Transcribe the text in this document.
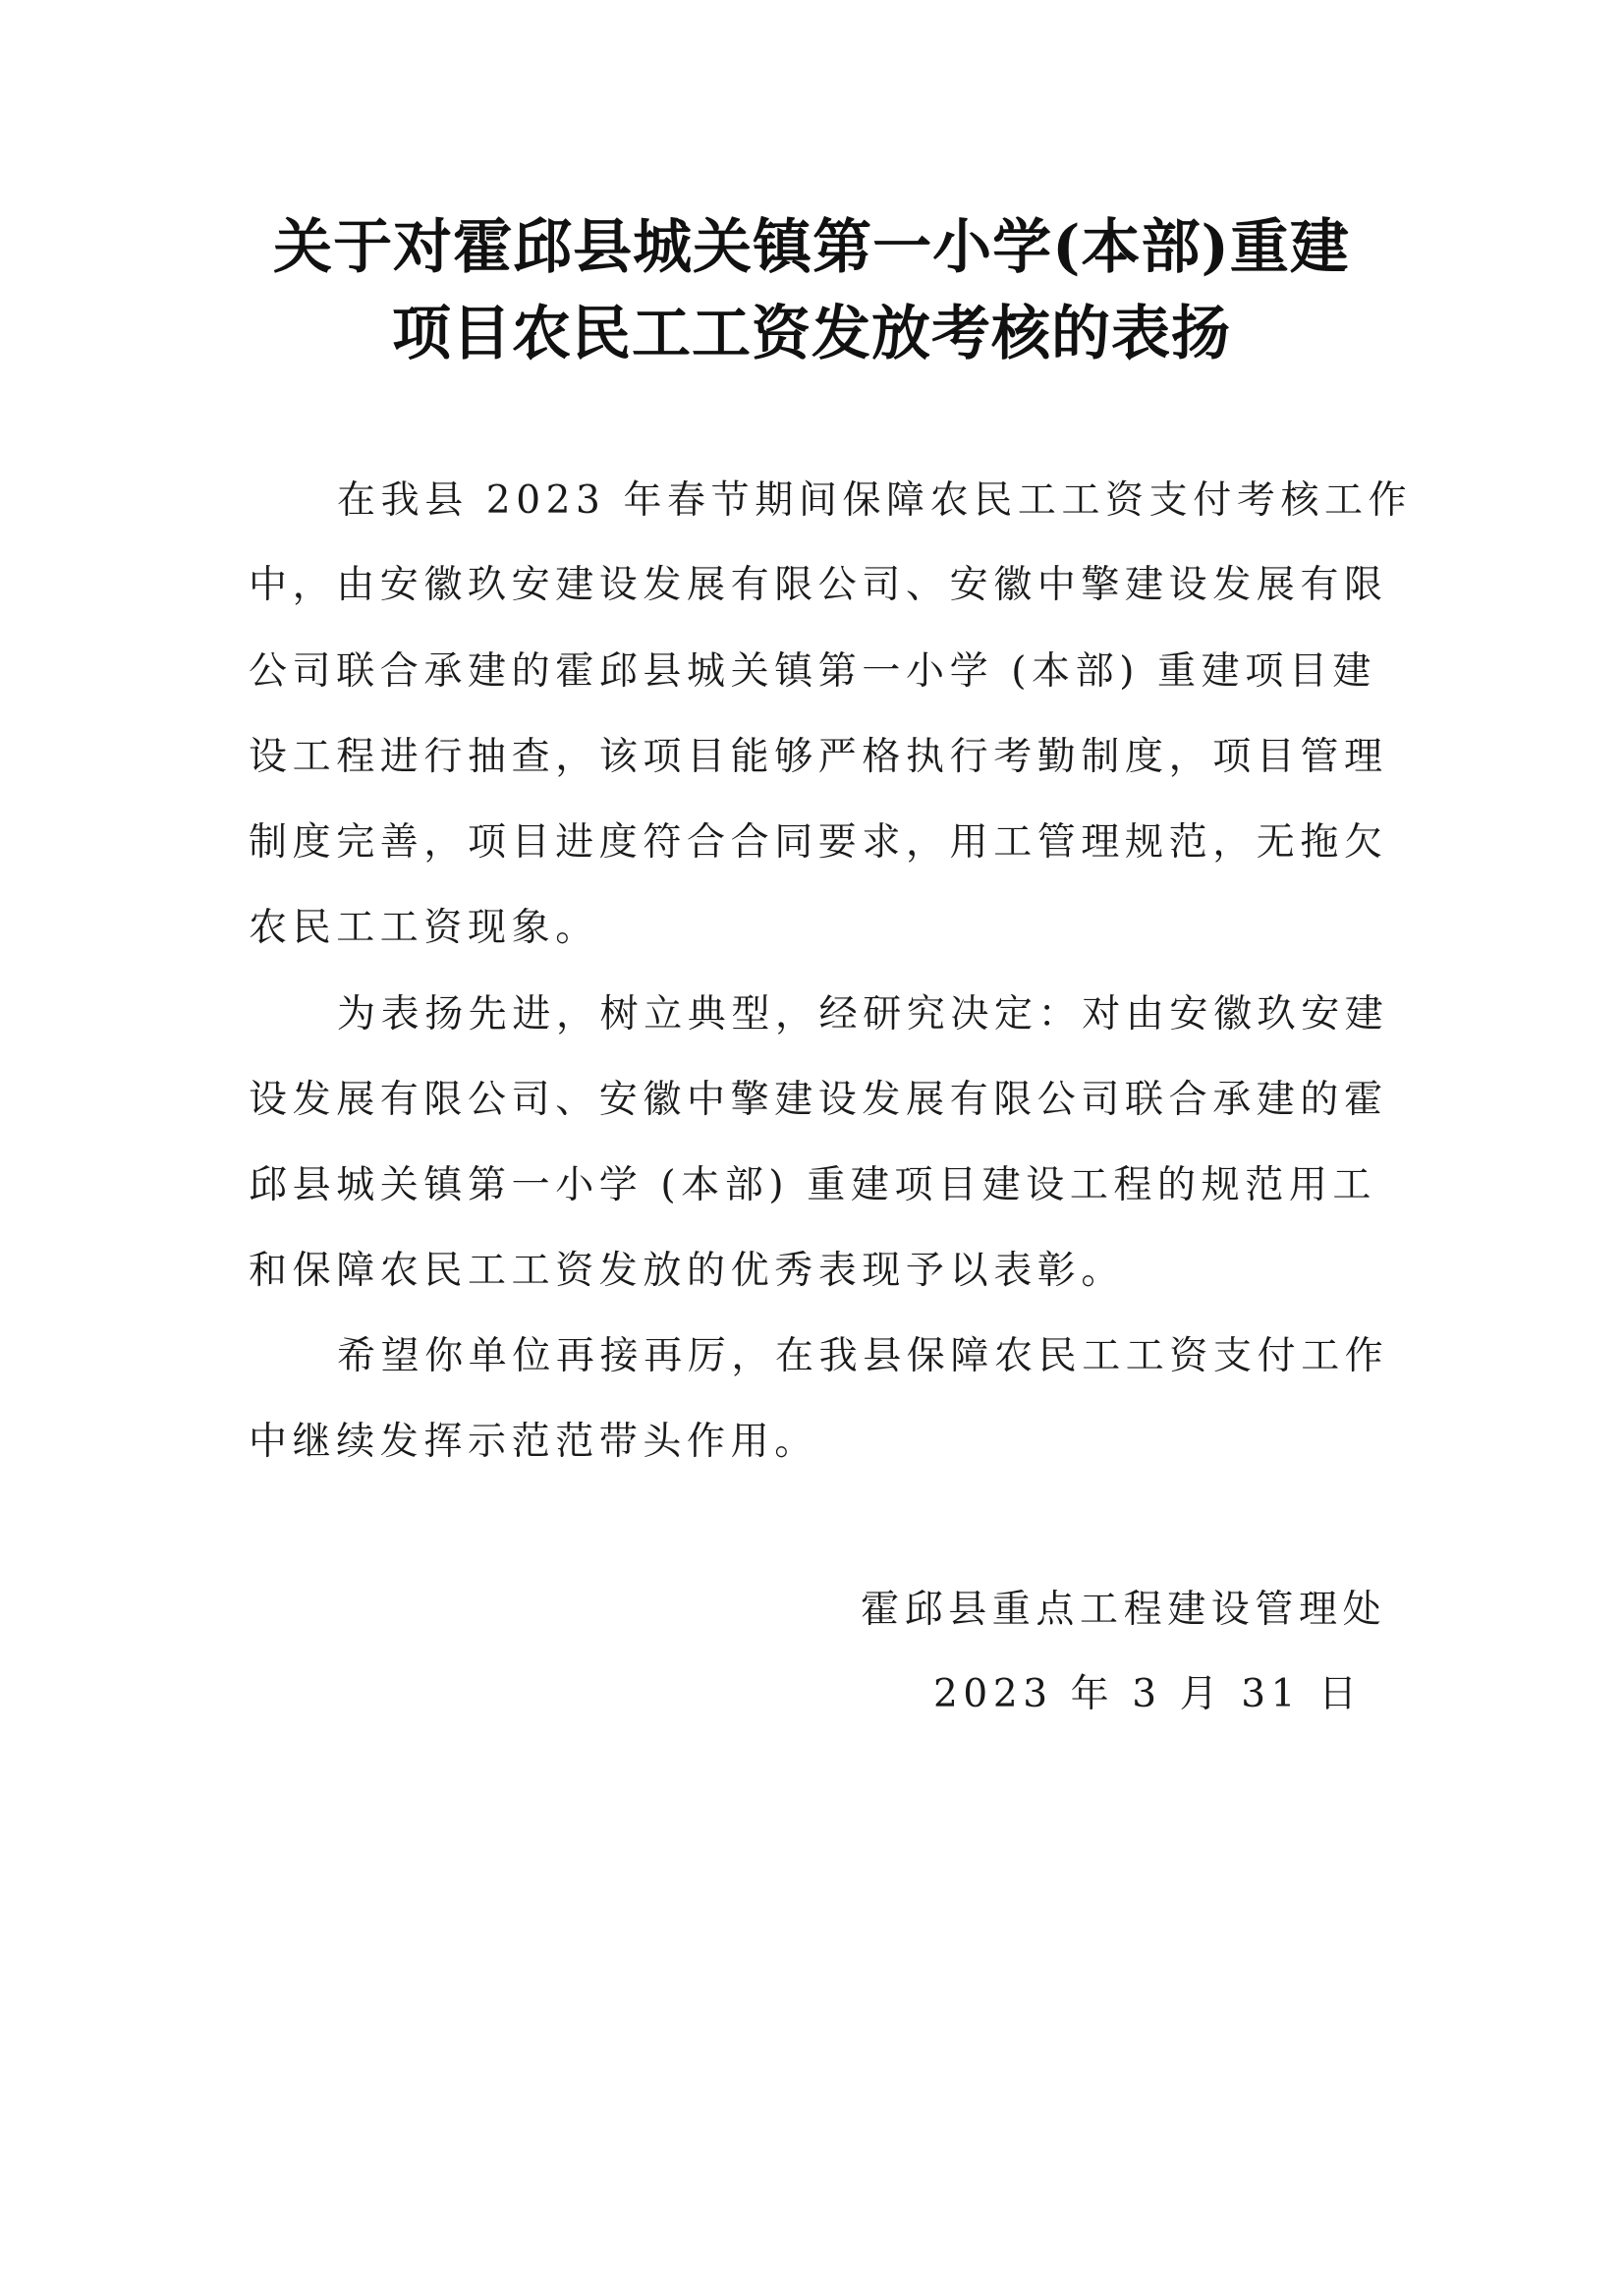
关于对霍邱县城关镇第一小学(本部)重建
项目农民工工资发放考核的表扬
在我县 2023 年春节期间保障农民工工资支付考核工作
中，由安徽玖安建设发展有限公司、安徽中擎建设发展有限
公司联合承建的霍邱县城关镇第一小学 (本部) 重建项目建
设工程进行抽查，该项目能够严格执行考勤制度，项目管理
制度完善，项目进度符合合同要求，用工管理规范，无拖欠
农民工工资现象。
为表扬先进，树立典型，经研究决定：对由安徽玖安建
设发展有限公司、安徽中擎建设发展有限公司联合承建的霍
邱县城关镇第一小学 (本部) 重建项目建设工程的规范用工
和保障农民工工资发放的优秀表现予以表彰。
希望你单位再接再厉，在我县保障农民工工资支付工作
中继续发挥示范范带头作用。
霍邱县重点工程建设管理处
2023 年 3 月 31 日
